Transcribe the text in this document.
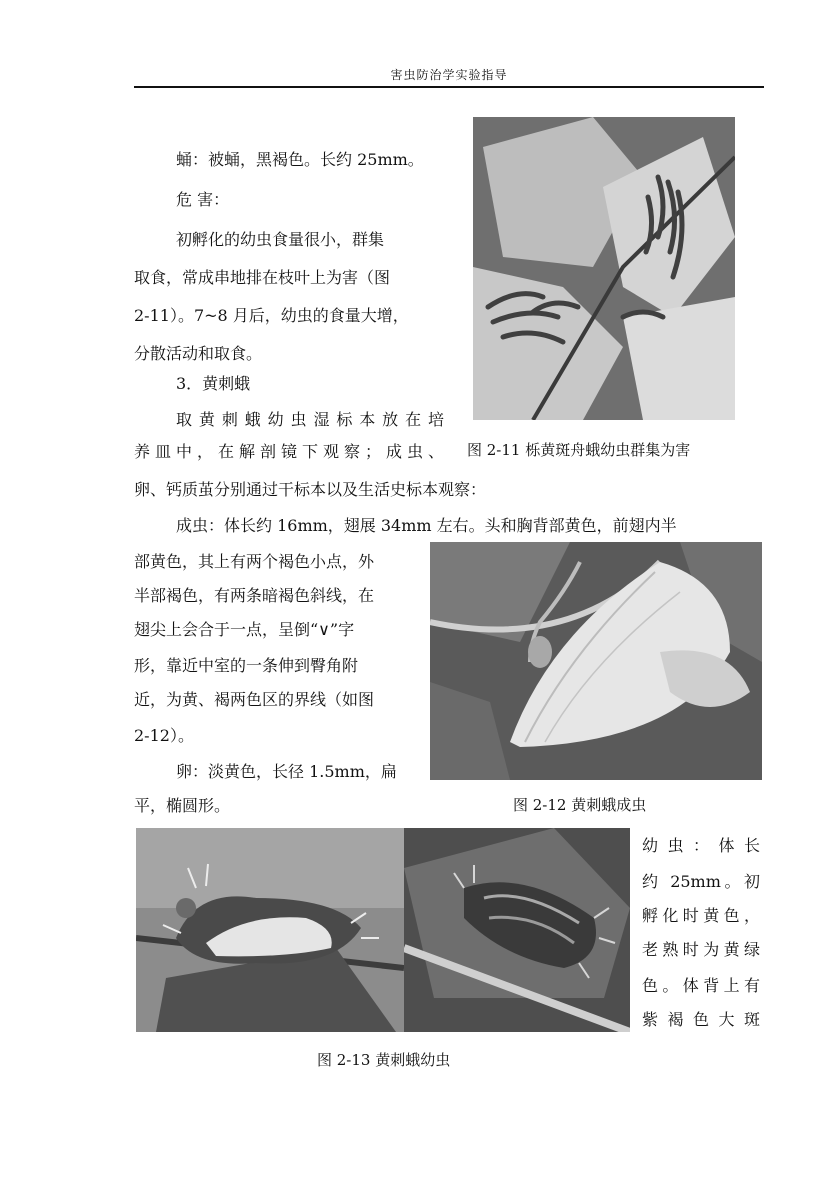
害虫防治学实验指导
蛹：被蛹，黑褐色。长约 25mm。
危 害：
初孵化的幼虫食量很小，群集
取食，常成串地排在枝叶上为害（图
2-11）。7~8 月后，幼虫的食量大增，
分散活动和取食。
图 2-11 栎黄斑舟蛾幼虫群集为害
3．黄刺蛾
取黄刺蛾幼虫湿标本放在培
养皿中，在解剖镜下观察；成虫、
卵、钙质茧分别通过干标本以及生活史标本观察：
成虫：体长约 16mm，翅展 34mm 左右。头和胸背部黄色，前翅内半
部黄色，其上有两个褐色小点，外
半部褐色，有两条暗褐色斜线，在
翅尖上会合于一点，呈倒“∨”字
形，靠近中室的一条伸到臀角附
近，为黄、褐两色区的界线（如图
2-12）。
卵：淡黄色，长径 1.5mm，扁
平，椭圆形。	图 2-12 黄刺蛾成虫
图 2-13 黄刺蛾幼虫
幼虫：体长
约 25mm。初
孵化时黄色，
老熟时为黄绿
色。体背上有
紫 褐 色 大 斑
